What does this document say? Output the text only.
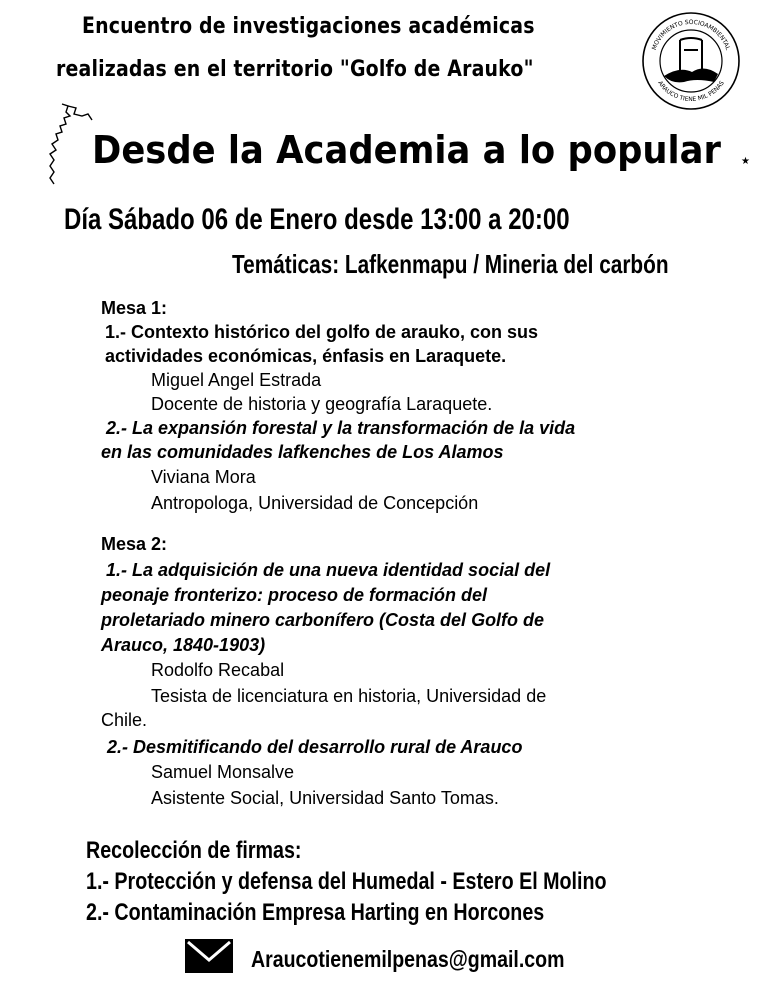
Encuentro de investigaciones académicas
realizadas en el territorio "Golfo de Arauko"
MOVIMIENTO SOCIOAMBIENTAL
ARAUCO TIENE MIL PENAS
Desde la Academia a lo popular ★
Día Sábado 06 de Enero desde 13:00 a 20:00
Temáticas: Lafkenmapu / Mineria del carbón
Mesa 1:
1.- Contexto histórico del golfo de arauko, con sus
actividades económicas, énfasis en Laraquete.
Miguel Angel Estrada
Docente de historia y geografía Laraquete.
2.- La expansión forestal y la transformación de la vida
en las comunidades lafkenches de Los Alamos
Viviana Mora
Antropologa, Universidad de Concepción
Mesa 2:
1.- La adquisición de una nueva identidad social del
peonaje fronterizo: proceso de formación del
proletariado minero carbonífero (Costa del Golfo de
Arauco, 1840-1903)
Rodolfo Recabal
Tesista de licenciatura en historia, Universidad de
Chile.
2.- Desmitificando del desarrollo rural de Arauco
Samuel Monsalve
Asistente Social, Universidad Santo Tomas.
Recolección de firmas:
1.- Protección y defensa del Humedal - Estero El Molino
2.- Contaminación Empresa Harting en Horcones
Araucotienemilpenas@gmail.com
